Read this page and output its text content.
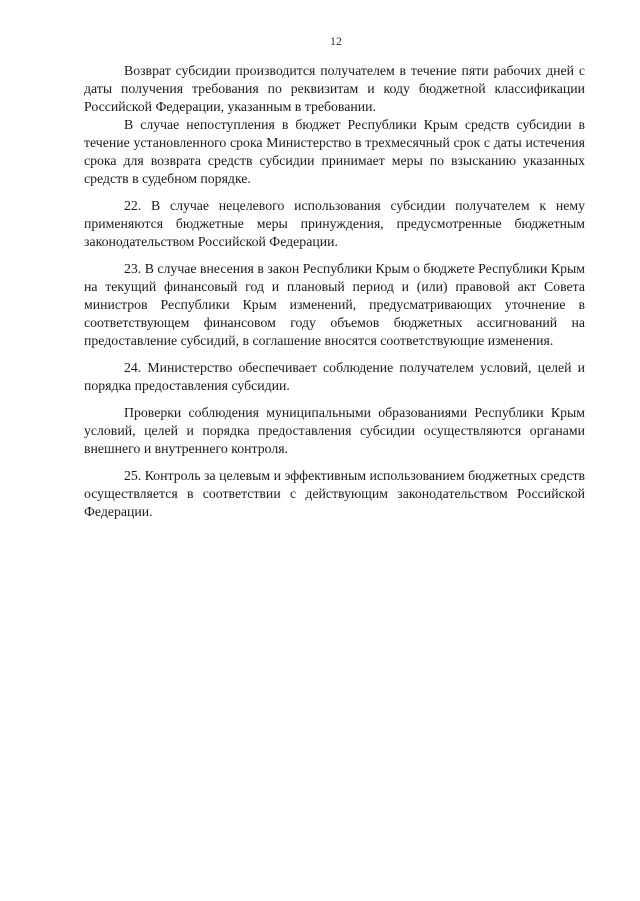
12

Возврат субсидии производится получателем в течение пяти рабочих дней с даты получения требования по реквизитам и коду бюджетной классификации Российской Федерации, указанным в требовании.

В случае непоступления в бюджет Республики Крым средств субсидии в течение установленного срока Министерство в трехмесячный срок с даты истечения срока для возврата средств субсидии принимает меры по взысканию указанных средств в судебном порядке.

22. В случае нецелевого использования субсидии получателем к нему применяются бюджетные меры принуждения, предусмотренные бюджетным законодательством Российской Федерации.

23. В случае внесения в закон Республики Крым о бюджете Республики Крым на текущий финансовый год и плановый период и (или) правовой акт Совета министров Республики Крым изменений, предусматривающих уточнение в соответствующем финансовом году объемов бюджетных ассигнований на предоставление субсидий, в соглашение вносятся соответствующие изменения.

24. Министерство обеспечивает соблюдение получателем условий, целей и порядка предоставления субсидии.

Проверки соблюдения муниципальными образованиями Республики Крым условий, целей и порядка предоставления субсидии осуществляются органами внешнего и внутреннего контроля.

25. Контроль за целевым и эффективным использованием бюджетных средств осуществляется в соответствии с действующим законодательством Российской Федерации.
